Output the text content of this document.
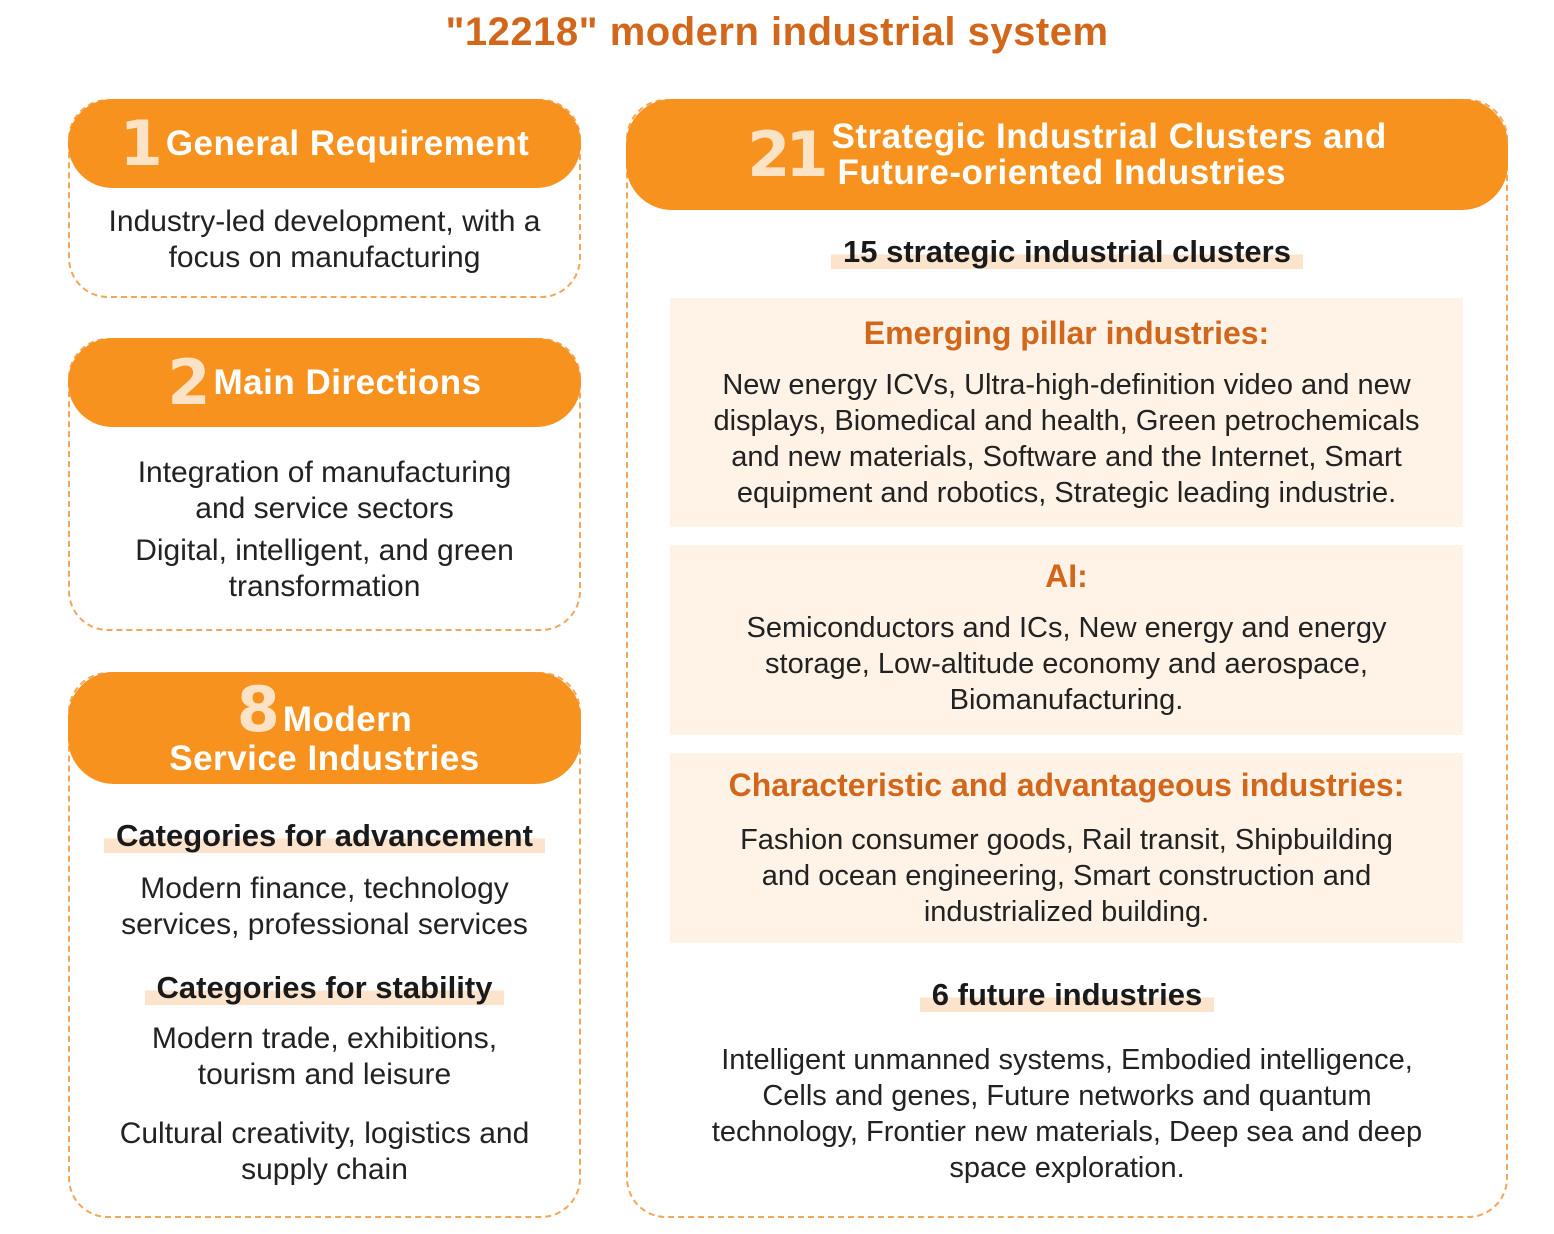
"12218" modern industrial system
1 General Requirement
Industry-led development, with a focus on manufacturing
2 Main Directions
Integration of manufacturing and service sectors
Digital, intelligent, and green transformation
8 Modern
Service Industries
Categories for advancement
Modern finance, technology services, professional services
Categories for stability
Modern trade, exhibitions, tourism and leisure
Cultural creativity, logistics and supply chain
21 Strategic Industrial Clusters and
Future-oriented Industries
15 strategic industrial clusters
Emerging pillar industries:
New energy ICVs, Ultra-high-definition video and new displays, Biomedical and health, Green petrochemicals and new materials, Software and the Internet, Smart equipment and robotics, Strategic leading industrie.
AI:
Semiconductors and ICs, New energy and energy storage, Low-altitude economy and aerospace, Biomanufacturing.
Characteristic and advantageous industries:
Fashion consumer goods, Rail transit, Shipbuilding and ocean engineering, Smart construction and industrialized building.
6 future industries
Intelligent unmanned systems, Embodied intelligence, Cells and genes, Future networks and quantum technology, Frontier new materials, Deep sea and deep space exploration.
